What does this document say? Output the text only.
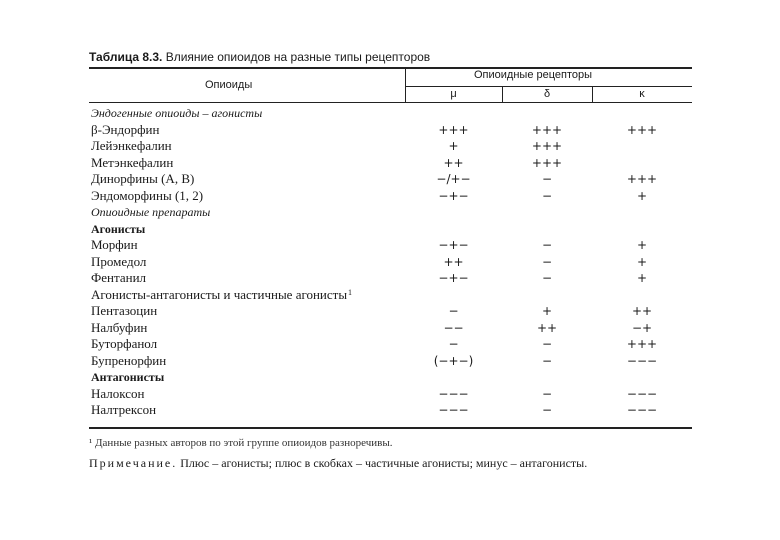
Таблица 8.3. Влияние опиоидов на разные типы рецепторов
Опиоиды
Опиоидные рецепторы
μ	δ	κ
Эндогенные опиоиды – агонисты
β-Эндорфин	+++	+++	+++
Лейэнкефалин	+	+++
Метэнкефалин	++	+++
Динорфины (А, В)	−/+−	−	+++
Эндоморфины (1, 2)	−+−	−	+
Опиоидные препараты
Агонисты
Морфин	−+−	−	+
Промедол	++	−	+
Фентанил	−+−	−	+
Агонисты-антагонисты и частичные агонисты 1
Пентазоцин	−	+	++
Налбуфин	−−	++	−+
Буторфанол	−	−	+++
Бупренорфин	(−+−)	−	−−−
Антагонисты
Налоксон	−−−	−	−−−
Налтрексон	−−−	−	−−−
¹ Данные разных авторов по этой группе опиоидов разноречивы.
Примечание. Плюс – агонисты; плюс в скобках – частичные агонисты; минус – антагонисты.
